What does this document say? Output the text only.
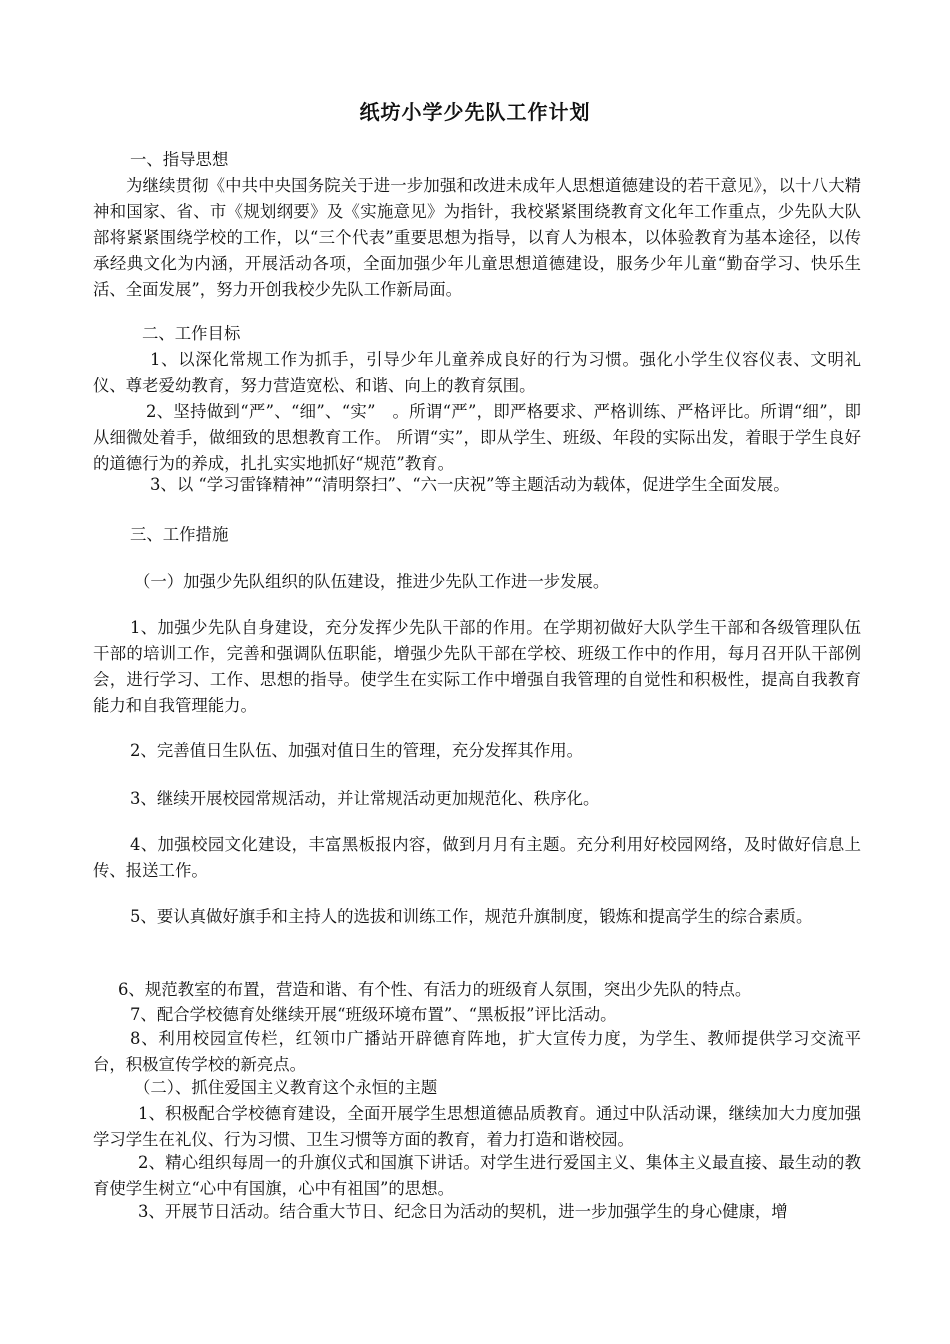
纸坊小学少先队工作计划

一、指导思想

为继续贯彻《中共中央国务院关于进一步加强和改进未成年人思想道德建设的若干意见》，以十八大精神和国家、省、市《规划纲要》及《实施意见》为指针，我校紧紧围绕教育文化年工作重点，少先队大队部将紧紧围绕学校的工作，以“三个代表”重要思想为指导，以育人为根本，以体验教育为基本途径，以传承经典文化为内涵，开展活动各项，全面加强少年儿童思想道德建设，服务少年儿童“勤奋学习、快乐生活、全面发展”，努力开创我校少先队工作新局面。

二、工作目标

1、以深化常规工作为抓手，引导少年儿童养成良好的行为习惯。强化小学生仪容仪表、文明礼仪、尊老爱幼教育，努力营造宽松、和谐、向上的教育氛围。

2、坚持做到“严”、“细”、“实”　。所谓“严”，即严格要求、严格训练、严格评比。所谓“细”，即从细微处着手，做细致的思想教育工作。 所谓“实”，即从学生、班级、年段的实际出发，着眼于学生良好的道德行为的养成，扎扎实实地抓好“规范”教育。

3、以 “学习雷锋精神”“清明祭扫”、“六一庆祝”等主题活动为载体，促进学生全面发展。

三、工作措施

（一）加强少先队组织的队伍建设，推进少先队工作进一步发展。

1、加强少先队自身建设，充分发挥少先队干部的作用。在学期初做好大队学生干部和各级管理队伍干部的培训工作，完善和强调队伍职能，增强少先队干部在学校、班级工作中的作用，每月召开队干部例会，进行学习、工作、思想的指导。使学生在实际工作中增强自我管理的自觉性和积极性，提高自我教育能力和自我管理能力。

2、完善值日生队伍、加强对值日生的管理，充分发挥其作用。

3、继续开展校园常规活动，并让常规活动更加规范化、秩序化。

4、加强校园文化建设，丰富黑板报内容，做到月月有主题。充分利用好校园网络，及时做好信息上传、报送工作。

5、要认真做好旗手和主持人的选拔和训练工作，规范升旗制度，锻炼和提高学生的综合素质。

6、规范教室的布置，营造和谐、有个性、有活力的班级育人氛围，突出少先队的特点。

7、配合学校德育处继续开展“班级环境布置”、“黑板报”评比活动。

8、利用校园宣传栏，红领巾广播站开辟德育阵地，扩大宣传力度，为学生、教师提供学习交流平台，积极宣传学校的新亮点。

（二）、抓住爱国主义教育这个永恒的主题

1、积极配合学校德育建设，全面开展学生思想道德品质教育。通过中队活动课，继续加大力度加强学习学生在礼仪、行为习惯、卫生习惯等方面的教育，着力打造和谐校园。

2、精心组织每周一的升旗仪式和国旗下讲话。对学生进行爱国主义、集体主义最直接、最生动的教育使学生树立“心中有国旗，心中有祖国”的思想。

3、开展节日活动。结合重大节日、纪念日为活动的契机，进一步加强学生的身心健康，增
